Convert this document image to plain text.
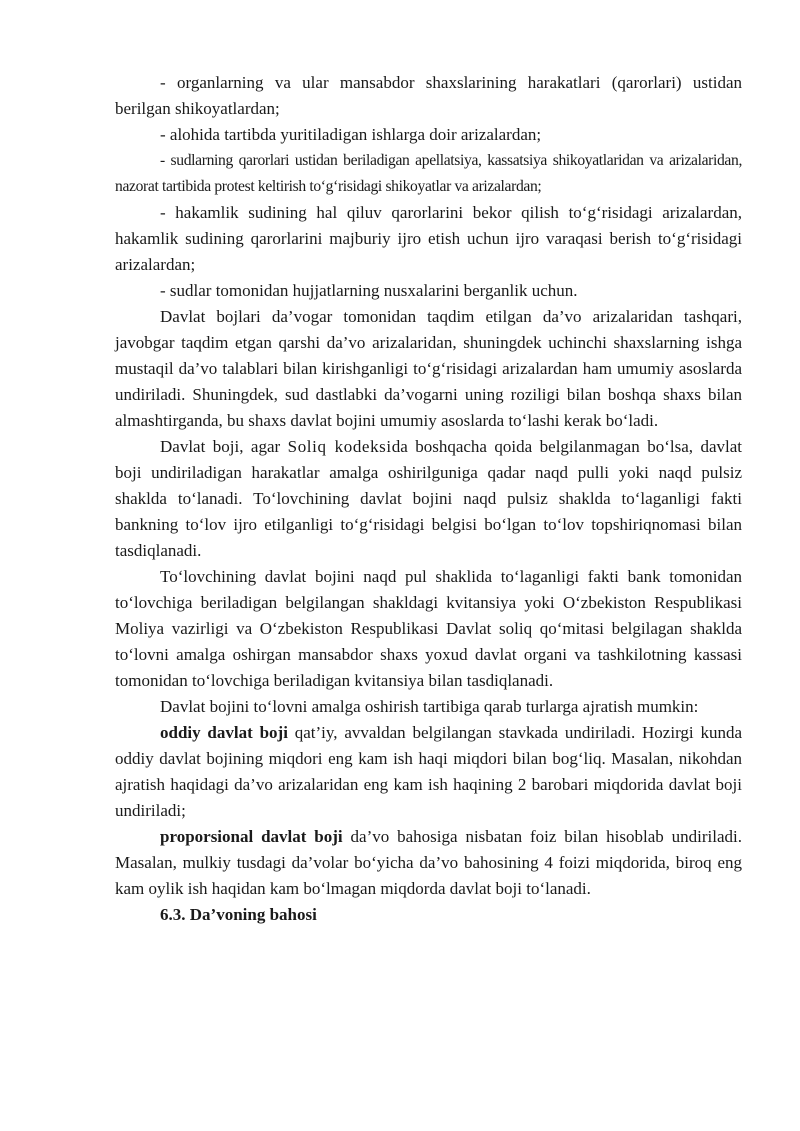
- organlarning va ular mansabdor shaxslarining harakatlari (qarorlari) ustidan berilgan shikoyatlardan;

- alohida tartibda yuritiladigan ishlarga doir arizalardan;

- sudlarning qarorlari ustidan beriladigan apellatsiya, kassatsiya shikoyatlaridan va arizalaridan, nazorat tartibida protest keltirish to‘g‘risidagi shikoyatlar va arizalardan;

- hakamlik sudining hal qiluv qarorlarini bekor qilish to‘g‘risidagi arizalardan, hakamlik sudining qarorlarini majburiy ijro etish uchun ijro varaqasi berish to‘g‘risidagi arizalardan;

- sudlar tomonidan hujjatlarning nusxalarini berganlik uchun.

Davlat bojlari da’vogar tomonidan taqdim etilgan da’vo arizalaridan tashqari, javobgar taqdim etgan qarshi da’vo arizalaridan, shuningdek uchinchi shaxslarning ishga mustaqil da’vo talablari bilan kirishganligi to‘g‘risidagi arizalardan ham umumiy asoslarda undiriladi. Shuningdek, sud dastlabki da’vogarni uning roziligi bilan boshqa shaxs bilan almashtirganda, bu shaxs davlat bojini umumiy asoslarda to‘lashi kerak bo‘ladi.

Davlat boji, agar Soliq kodeksida boshqacha qoida belgilanmagan bo‘lsa, davlat boji undiriladigan harakatlar amalga oshirilguniga qadar naqd pulli yoki naqd pulsiz shaklda to‘lanadi. To‘lovchining davlat bojini naqd pulsiz shaklda to‘laganligi fakti bankning to‘lov ijro etilganligi to‘g‘risidagi belgisi bo‘lgan to‘lov topshiriqnomasi bilan tasdiqlanadi.

To‘lovchining davlat bojini naqd pul shaklida to‘laganligi fakti bank tomonidan to‘lovchiga beriladigan belgilangan shakldagi kvitansiya yoki O‘zbekiston Respublikasi Moliya vazirligi va O‘zbekiston Respublikasi Davlat soliq qo‘mitasi belgilagan shaklda to‘lovni amalga oshirgan mansabdor shaxs yoxud davlat organi va tashkilotning kassasi tomonidan to‘lovchiga beriladigan kvitansiya bilan tasdiqlanadi.

Davlat bojini to‘lovni amalga oshirish tartibiga qarab turlarga ajratish mumkin:

oddiy davlat boji qat’iy, avvaldan belgilangan stavkada undiriladi. Hozirgi kunda oddiy davlat bojining miqdori eng kam ish haqi miqdori bilan bog‘liq. Masalan, nikohdan ajratish haqidagi da’vo arizalaridan eng kam ish haqining 2 barobari miqdorida davlat boji undiriladi;

proporsional davlat boji da’vo bahosiga nisbatan foiz bilan hisoblab undiriladi. Masalan, mulkiy tusdagi da’volar bo‘yicha da’vo bahosining 4 foizi miqdorida, biroq eng kam oylik ish haqidan kam bo‘lmagan miqdorda davlat boji to‘lanadi.

6.3. Da’voning bahosi
